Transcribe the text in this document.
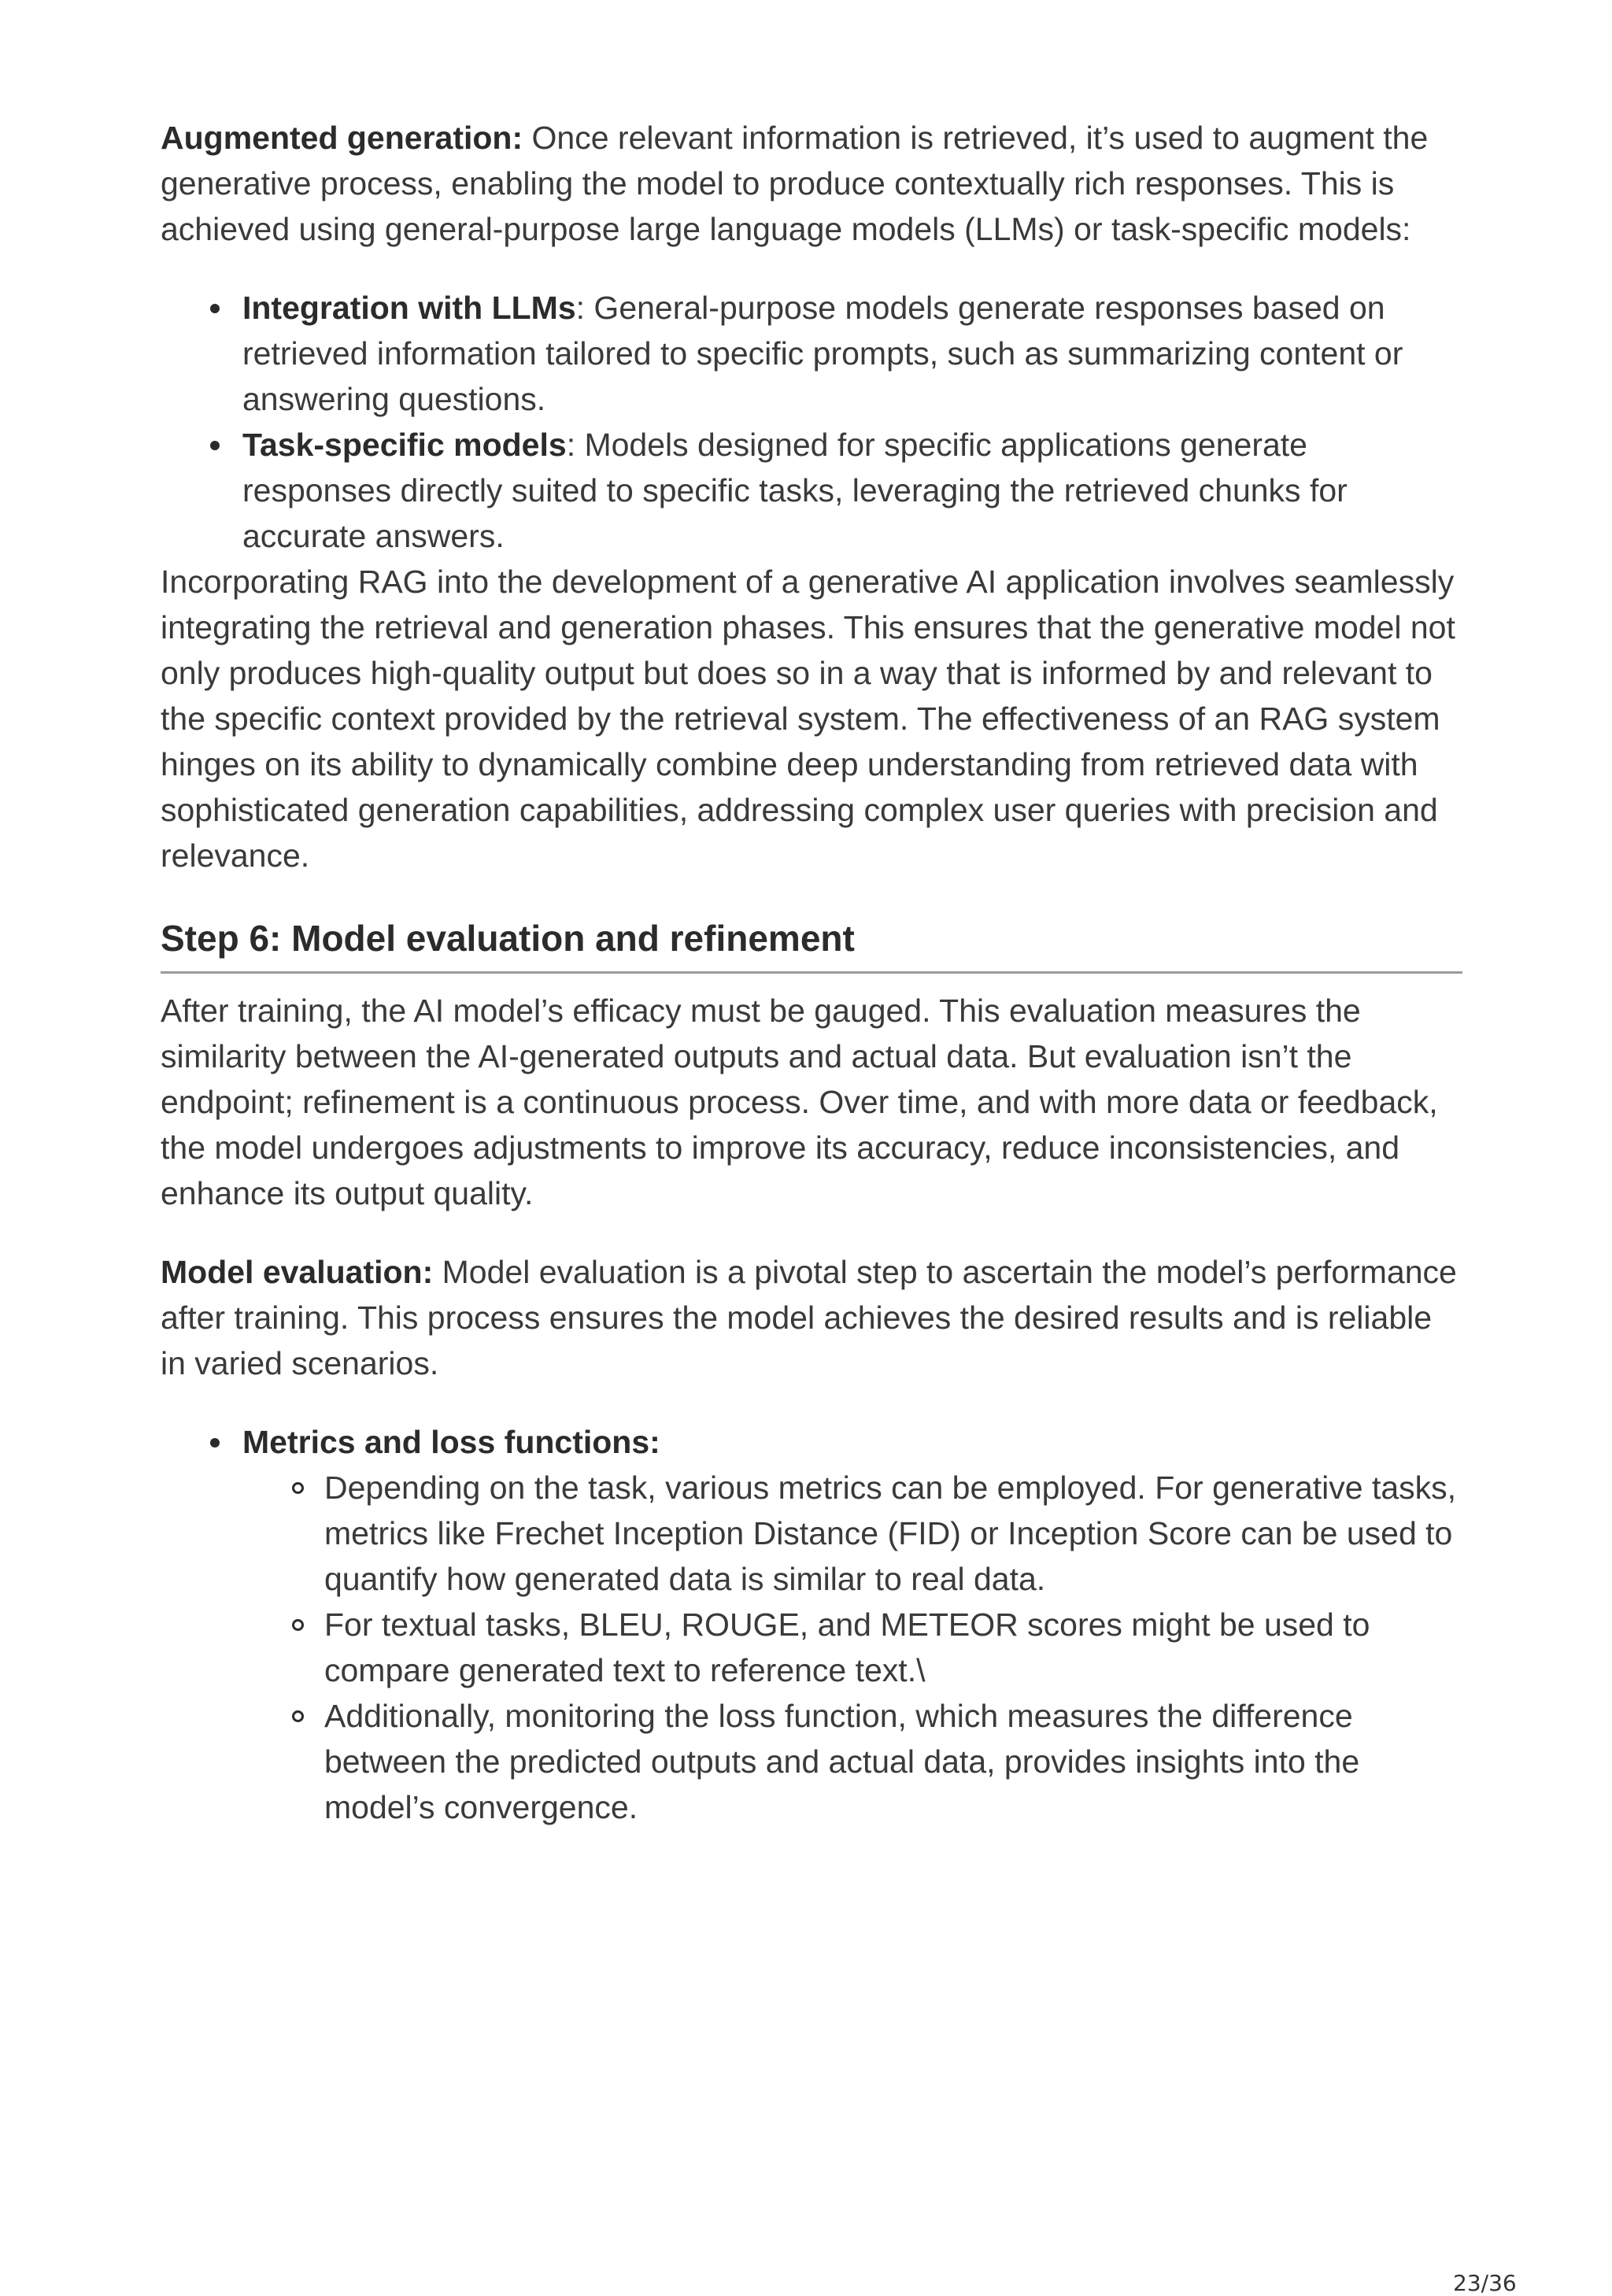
Augmented generation: Once relevant information is retrieved, it’s used to augment the generative process, enabling the model to produce contextually rich responses. This is achieved using general-purpose large language models (LLMs) or task-specific models:

Integration with LLMs: General-purpose models generate responses based on retrieved information tailored to specific prompts, such as summarizing content or answering questions.
Task-specific models: Models designed for specific applications generate responses directly suited to specific tasks, leveraging the retrieved chunks for accurate answers.

Incorporating RAG into the development of a generative AI application involves seamlessly integrating the retrieval and generation phases. This ensures that the generative model not only produces high-quality output but does so in a way that is informed by and relevant to the specific context provided by the retrieval system. The effectiveness of an RAG system hinges on its ability to dynamically combine deep understanding from retrieved data with sophisticated generation capabilities, addressing complex user queries with precision and relevance.

Step 6: Model evaluation and refinement

After training, the AI model’s efficacy must be gauged. This evaluation measures the similarity between the AI-generated outputs and actual data. But evaluation isn’t the endpoint; refinement is a continuous process. Over time, and with more data or feedback, the model undergoes adjustments to improve its accuracy, reduce inconsistencies, and enhance its output quality.

Model evaluation: Model evaluation is a pivotal step to ascertain the model’s performance after training. This process ensures the model achieves the desired results and is reliable in varied scenarios.

Metrics and loss functions:
Depending on the task, various metrics can be employed. For generative tasks, metrics like Frechet Inception Distance (FID) or Inception Score can be used to quantify how generated data is similar to real data.
For textual tasks, BLEU, ROUGE, and METEOR scores might be used to compare generated text to reference text.\
Additionally, monitoring the loss function, which measures the difference between the predicted outputs and actual data, provides insights into the model’s convergence.
23/36
